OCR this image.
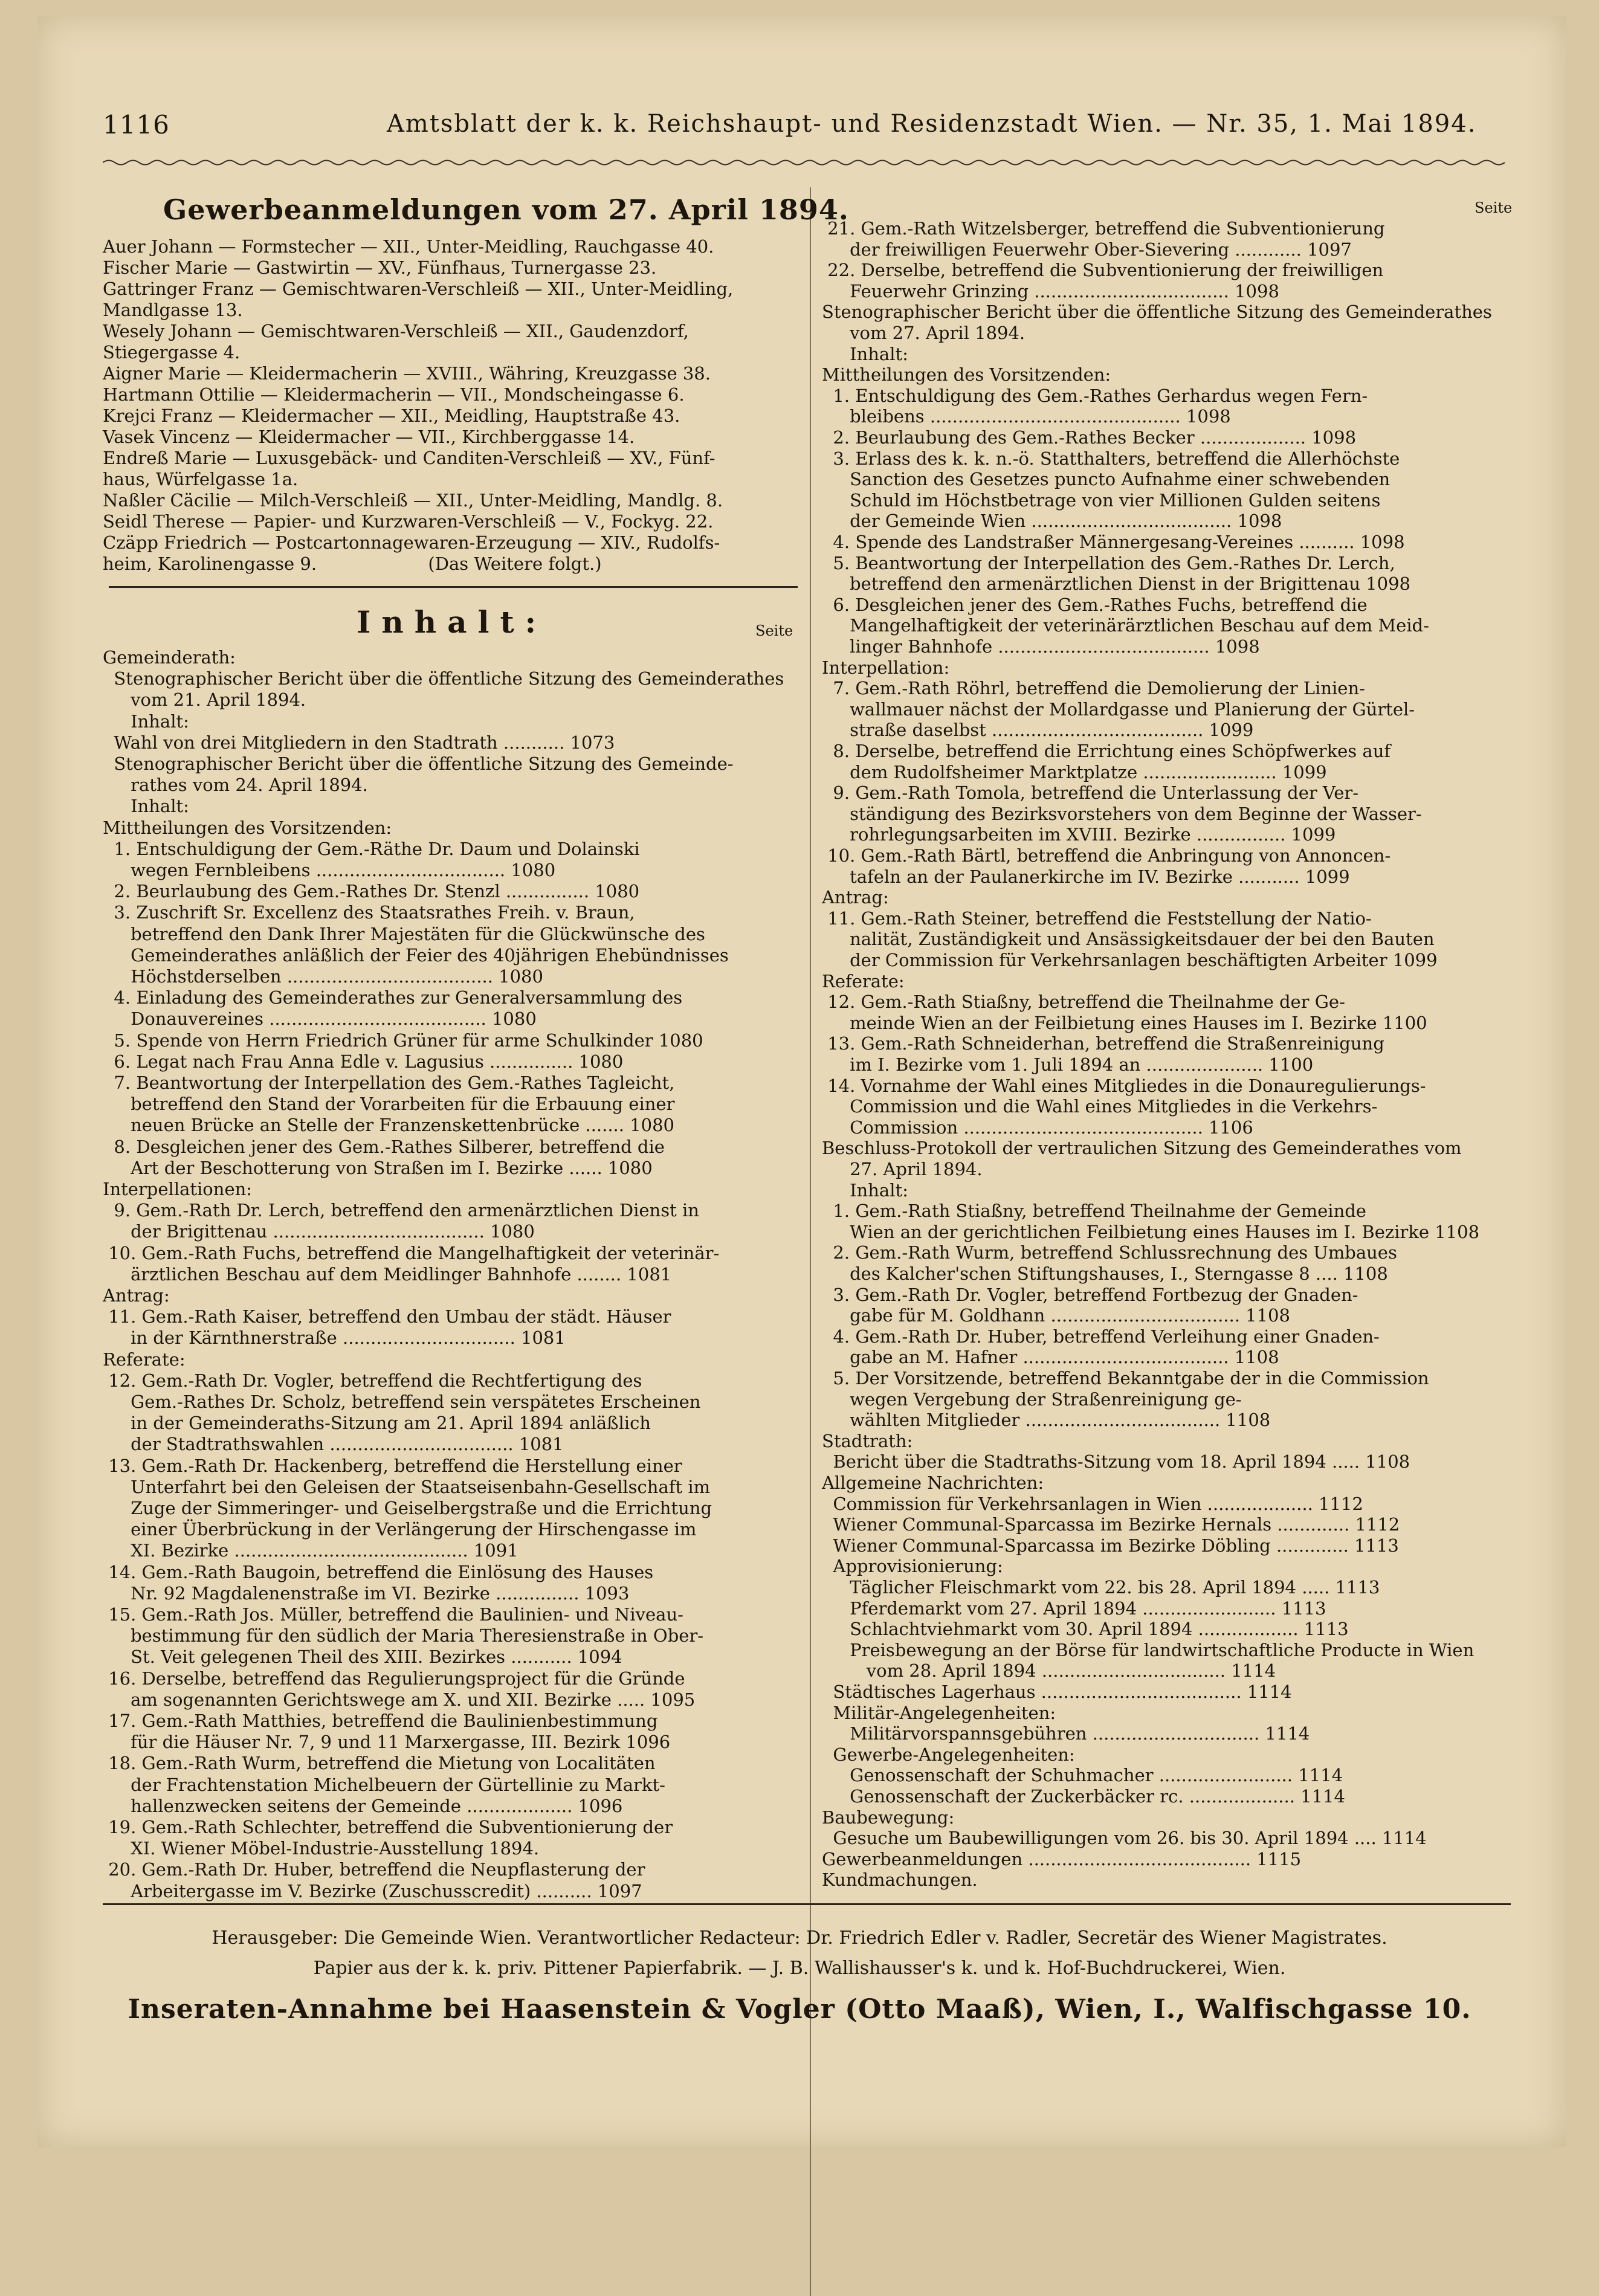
1116	Amtsblatt der k. k. Reichshaupt- und Residenzstadt Wien. — Nr. 35, 1. Mai 1894.
Gewerbeanmeldungen vom 27. April 1894.
Auer Johann — Formstecher — XII., Unter-Meidling, Rauchgasse 40.
Fischer Marie — Gastwirtin — XV., Fünfhaus, Turnergasse 23.
Gattringer Franz — Gemischtwaren-Verschleiß — XII., Unter-Meidling,
Mandlgasse 13.
Wesely Johann — Gemischtwaren-Verschleiß — XII., Gaudenzdorf,
Stiegergasse 4.
Aigner Marie — Kleidermacherin — XVIII., Währing, Kreuzgasse 38.
Hartmann Ottilie — Kleidermacherin — VII., Mondscheingasse 6.
Krejci Franz — Kleidermacher — XII., Meidling, Hauptstraße 43.
Vasek Vincenz — Kleidermacher — VII., Kirchberggasse 14.
Endreß Marie — Luxusgebäck- und Canditen-Verschleiß — XV., Fünf-
haus, Würfelgasse 1a.
Naßler Cäcilie — Milch-Verschleiß — XII., Unter-Meidling, Mandlg. 8.
Seidl Therese — Papier- und Kurzwaren-Verschleiß — V., Fockyg. 22.
Czäpp Friedrich — Postcartonnagewaren-Erzeugung — XIV., Rudolfs-
heim, Karolinengasse 9.                    (Das Weitere folgt.)
Inhalt:	Seite
Gemeinderath:
Stenographischer Bericht über die öffentliche Sitzung des Gemeinderathes
vom 21. April 1894.
Inhalt:
Wahl von drei Mitgliedern in den Stadtrath ........... 1073
Stenographischer Bericht über die öffentliche Sitzung des Gemeinde-
rathes vom 24. April 1894.
Inhalt:
Mittheilungen des Vorsitzenden:
1. Entschuldigung der Gem.-Räthe Dr. Daum und Dolainski
wegen Fernbleibens .................................. 1080
2. Beurlaubung des Gem.-Rathes Dr. Stenzl ............... 1080
3. Zuschrift Sr. Excellenz des Staatsrathes Freih. v. Braun,
betreffend den Dank Ihrer Majestäten für die Glückwünsche des
Gemeinderathes anläßlich der Feier des 40jährigen Ehebündnisses
Höchstderselben ..................................... 1080
4. Einladung des Gemeinderathes zur Generalversammlung des
Donauvereines ....................................... 1080
5. Spende von Herrn Friedrich Grüner für arme Schulkinder 1080
6. Legat nach Frau Anna Edle v. Lagusius ............... 1080
7. Beantwortung der Interpellation des Gem.-Rathes Tagleicht,
betreffend den Stand der Vorarbeiten für die Erbauung einer
neuen Brücke an Stelle der Franzenskettenbrücke ....... 1080
8. Desgleichen jener des Gem.-Rathes Silberer, betreffend die
Art der Beschotterung von Straßen im I. Bezirke ...... 1080
Interpellationen:
9. Gem.-Rath Dr. Lerch, betreffend den armenärztlichen Dienst in
der Brigittenau ...................................... 1080
10. Gem.-Rath Fuchs, betreffend die Mangelhaftigkeit der veterinär-
ärztlichen Beschau auf dem Meidlinger Bahnhofe ........ 1081
Antrag:
11. Gem.-Rath Kaiser, betreffend den Umbau der städt. Häuser
in der Kärnthnerstraße ............................... 1081
Referate:
12. Gem.-Rath Dr. Vogler, betreffend die Rechtfertigung des
Gem.-Rathes Dr. Scholz, betreffend sein verspätetes Erscheinen
in der Gemeinderaths-Sitzung am 21. April 1894 anläßlich
der Stadtrathswahlen ................................. 1081
13. Gem.-Rath Dr. Hackenberg, betreffend die Herstellung einer
Unterfahrt bei den Geleisen der Staatseisenbahn-Gesellschaft im
Zuge der Simmeringer- und Geiselbergstraße und die Errichtung
einer Überbrückung in der Verlängerung der Hirschengasse im
XI. Bezirke .......................................... 1091
14. Gem.-Rath Baugoin, betreffend die Einlösung des Hauses
Nr. 92 Magdalenenstraße im VI. Bezirke ............... 1093
15. Gem.-Rath Jos. Müller, betreffend die Baulinien- und Niveau-
bestimmung für den südlich der Maria Theresienstraße in Ober-
St. Veit gelegenen Theil des XIII. Bezirkes ........... 1094
16. Derselbe, betreffend das Regulierungsproject für die Gründe
am sogenannten Gerichtswege am X. und XII. Bezirke ..... 1095
17. Gem.-Rath Matthies, betreffend die Baulinienbestimmung
für die Häuser Nr. 7, 9 und 11 Marxergasse, III. Bezirk 1096
18. Gem.-Rath Wurm, betreffend die Mietung von Localitäten
der Frachtenstation Michelbeuern der Gürtellinie zu Markt-
hallenzwecken seitens der Gemeinde ................... 1096
19. Gem.-Rath Schlechter, betreffend die Subventionierung der
XI. Wiener Möbel-Industrie-Ausstellung 1894.
20. Gem.-Rath Dr. Huber, betreffend die Neupflasterung der
Arbeitergasse im V. Bezirke (Zuschusscredit) .......... 1097
Seite
21. Gem.-Rath Witzelsberger, betreffend die Subventionierung
der freiwilligen Feuerwehr Ober-Sievering ............ 1097
22. Derselbe, betreffend die Subventionierung der freiwilligen
Feuerwehr Grinzing ................................... 1098
Stenographischer Bericht über die öffentliche Sitzung des Gemeinderathes
vom 27. April 1894.
Inhalt:
Mittheilungen des Vorsitzenden:
1. Entschuldigung des Gem.-Rathes Gerhardus wegen Fern-
bleibens ............................................. 1098
2. Beurlaubung des Gem.-Rathes Becker ................... 1098
3. Erlass des k. k. n.-ö. Statthalters, betreffend die Allerhöchste
Sanction des Gesetzes puncto Aufnahme einer schwebenden
Schuld im Höchstbetrage von vier Millionen Gulden seitens
der Gemeinde Wien .................................... 1098
4. Spende des Landstraßer Männergesang-Vereines .......... 1098
5. Beantwortung der Interpellation des Gem.-Rathes Dr. Lerch,
betreffend den armenärztlichen Dienst in der Brigittenau 1098
6. Desgleichen jener des Gem.-Rathes Fuchs, betreffend die
Mangelhaftigkeit der veterinärärztlichen Beschau auf dem Meid-
linger Bahnhofe ...................................... 1098
Interpellation:
7. Gem.-Rath Röhrl, betreffend die Demolierung der Linien-
wallmauer nächst der Mollardgasse und Planierung der Gürtel-
straße daselbst ...................................... 1099
8. Derselbe, betreffend die Errichtung eines Schöpfwerkes auf
dem Rudolfsheimer Marktplatze ........................ 1099
9. Gem.-Rath Tomola, betreffend die Unterlassung der Ver-
ständigung des Bezirksvorstehers von dem Beginne der Wasser-
rohrlegungsarbeiten im XVIII. Bezirke ................ 1099
10. Gem.-Rath Bärtl, betreffend die Anbringung von Annoncen-
tafeln an der Paulanerkirche im IV. Bezirke ........... 1099
Antrag:
11. Gem.-Rath Steiner, betreffend die Feststellung der Natio-
nalität, Zuständigkeit und Ansässigkeitsdauer der bei den Bauten
der Commission für Verkehrsanlagen beschäftigten Arbeiter 1099
Referate:
12. Gem.-Rath Stiaßny, betreffend die Theilnahme der Ge-
meinde Wien an der Feilbietung eines Hauses im I. Bezirke 1100
13. Gem.-Rath Schneiderhan, betreffend die Straßenreinigung
im I. Bezirke vom 1. Juli 1894 an ..................... 1100
14. Vornahme der Wahl eines Mitgliedes in die Donauregulierungs-
Commission und die Wahl eines Mitgliedes in die Verkehrs-
Commission ........................................... 1106
Beschluss-Protokoll der vertraulichen Sitzung des Gemeinderathes vom
27. April 1894.
Inhalt:
1. Gem.-Rath Stiaßny, betreffend Theilnahme der Gemeinde
Wien an der gerichtlichen Feilbietung eines Hauses im I. Bezirke 1108
2. Gem.-Rath Wurm, betreffend Schlussrechnung des Umbaues
des Kalcher'schen Stiftungshauses, I., Sterngasse 8 .... 1108
3. Gem.-Rath Dr. Vogler, betreffend Fortbezug der Gnaden-
gabe für M. Goldhann .................................. 1108
4. Gem.-Rath Dr. Huber, betreffend Verleihung einer Gnaden-
gabe an M. Hafner ..................................... 1108
5. Der Vorsitzende, betreffend Bekanntgabe der in die Commission
wegen Vergebung der Straßenreinigung ge-
wählten Mitglieder ................................... 1108
Stadtrath:
Bericht über die Stadtraths-Sitzung vom 18. April 1894 ..... 1108
Allgemeine Nachrichten:
Commission für Verkehrsanlagen in Wien ................... 1112
Wiener Communal-Sparcassa im Bezirke Hernals ............. 1112
Wiener Communal-Sparcassa im Bezirke Döbling ............. 1113
Approvisionierung:
Täglicher Fleischmarkt vom 22. bis 28. April 1894 ..... 1113
Pferdemarkt vom 27. April 1894 ........................ 1113
Schlachtviehmarkt vom 30. April 1894 .................. 1113
Preisbewegung an der Börse für landwirtschaftliche Producte in Wien
vom 28. April 1894 ................................. 1114
Städtisches Lagerhaus .................................... 1114
Militär-Angelegenheiten:
Militärvorspannsgebühren .............................. 1114
Gewerbe-Angelegenheiten:
Genossenschaft der Schuhmacher ........................ 1114
Genossenschaft der Zuckerbäcker rc. ................... 1114
Baubewegung:
Gesuche um Baubewilligungen vom 26. bis 30. April 1894 .... 1114
Gewerbeanmeldungen ........................................ 1115
Kundmachungen.
Herausgeber: Die Gemeinde Wien. Verantwortlicher Redacteur: Dr. Friedrich Edler v. Radler, Secretär des Wiener Magistrates.
Papier aus der k. k. priv. Pittener Papierfabrik. — J. B. Wallishausser's k. und k. Hof-Buchdruckerei, Wien.
Inseraten-Annahme bei Haasenstein & Vogler (Otto Maaß), Wien, I., Walfischgasse 10.
